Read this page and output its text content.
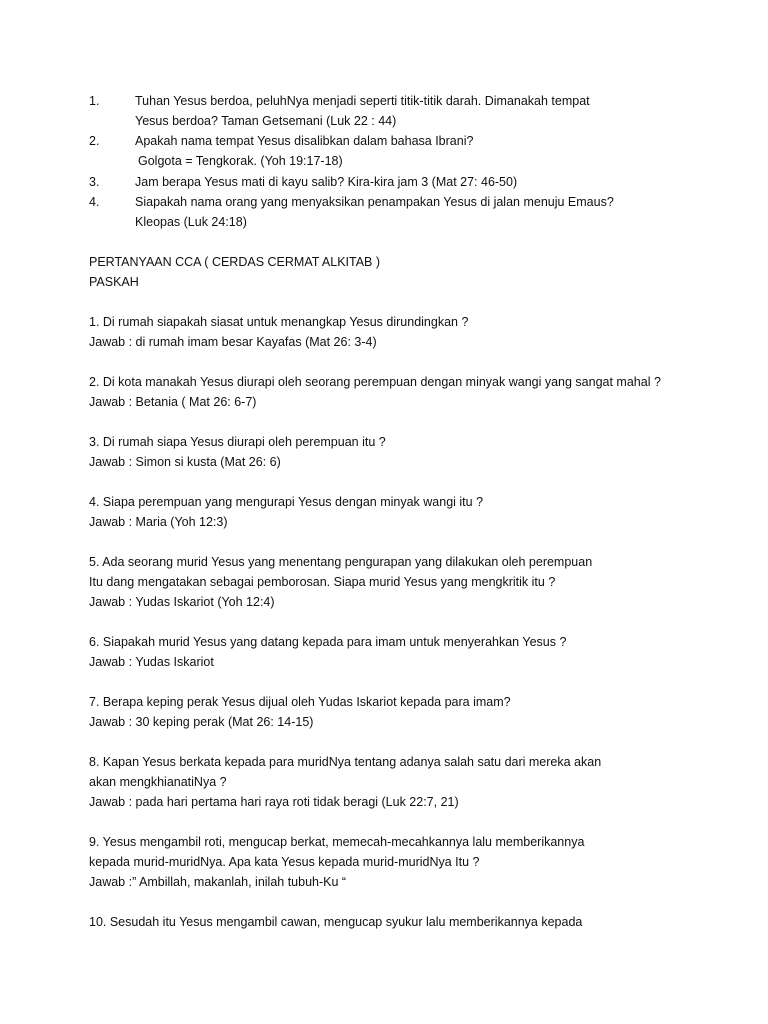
1.	Tuhan Yesus berdoa, peluhNya menjadi seperti titik-titik darah. Dimanakah tempat
Yesus berdoa? Taman Getsemani (Luk 22 : 44)
2.	Apakah nama tempat Yesus disalibkan dalam bahasa Ibrani?
Golgota = Tengkorak. (Yoh 19:17-18)
3.	Jam berapa Yesus mati di kayu salib? Kira-kira jam 3 (Mat 27: 46-50)
4.	Siapakah nama orang yang menyaksikan penampakan Yesus di jalan menuju Emaus?
Kleopas (Luk 24:18)
PERTANYAAN CCA ( CERDAS CERMAT ALKITAB )
PASKAH
1. Di rumah siapakah siasat untuk menangkap Yesus dirundingkan ?
Jawab : di rumah imam besar Kayafas (Mat 26: 3-4)
2. Di kota manakah Yesus diurapi oleh seorang perempuan dengan minyak wangi yang sangat mahal ?
Jawab : Betania ( Mat 26: 6-7)
3. Di rumah siapa Yesus diurapi oleh perempuan itu ?
Jawab : Simon si kusta (Mat 26: 6)
4. Siapa perempuan yang mengurapi Yesus dengan minyak wangi itu ?
Jawab : Maria (Yoh 12:3)
5. Ada seorang murid Yesus yang menentang pengurapan yang dilakukan oleh perempuan
Itu dang mengatakan sebagai pemborosan. Siapa murid Yesus yang mengkritik itu ?
Jawab : Yudas Iskariot (Yoh 12:4)
6. Siapakah murid Yesus yang datang kepada para imam untuk menyerahkan Yesus ?
Jawab : Yudas Iskariot
7. Berapa keping perak Yesus dijual oleh Yudas Iskariot kepada para imam?
Jawab : 30 keping perak (Mat 26: 14-15)
8. Kapan Yesus berkata kepada para muridNya tentang adanya salah satu dari mereka akan
akan mengkhianatiNya ?
Jawab : pada hari pertama hari raya roti tidak beragi (Luk 22:7, 21)
9. Yesus mengambil roti, mengucap berkat, memecah-mecahkannya lalu memberikannya
kepada murid-muridNya. Apa kata Yesus kepada murid-muridNya Itu ?
Jawab :” Ambillah, makanlah, inilah tubuh-Ku “
10. Sesudah itu Yesus mengambil cawan, mengucap syukur lalu memberikannya kepada
